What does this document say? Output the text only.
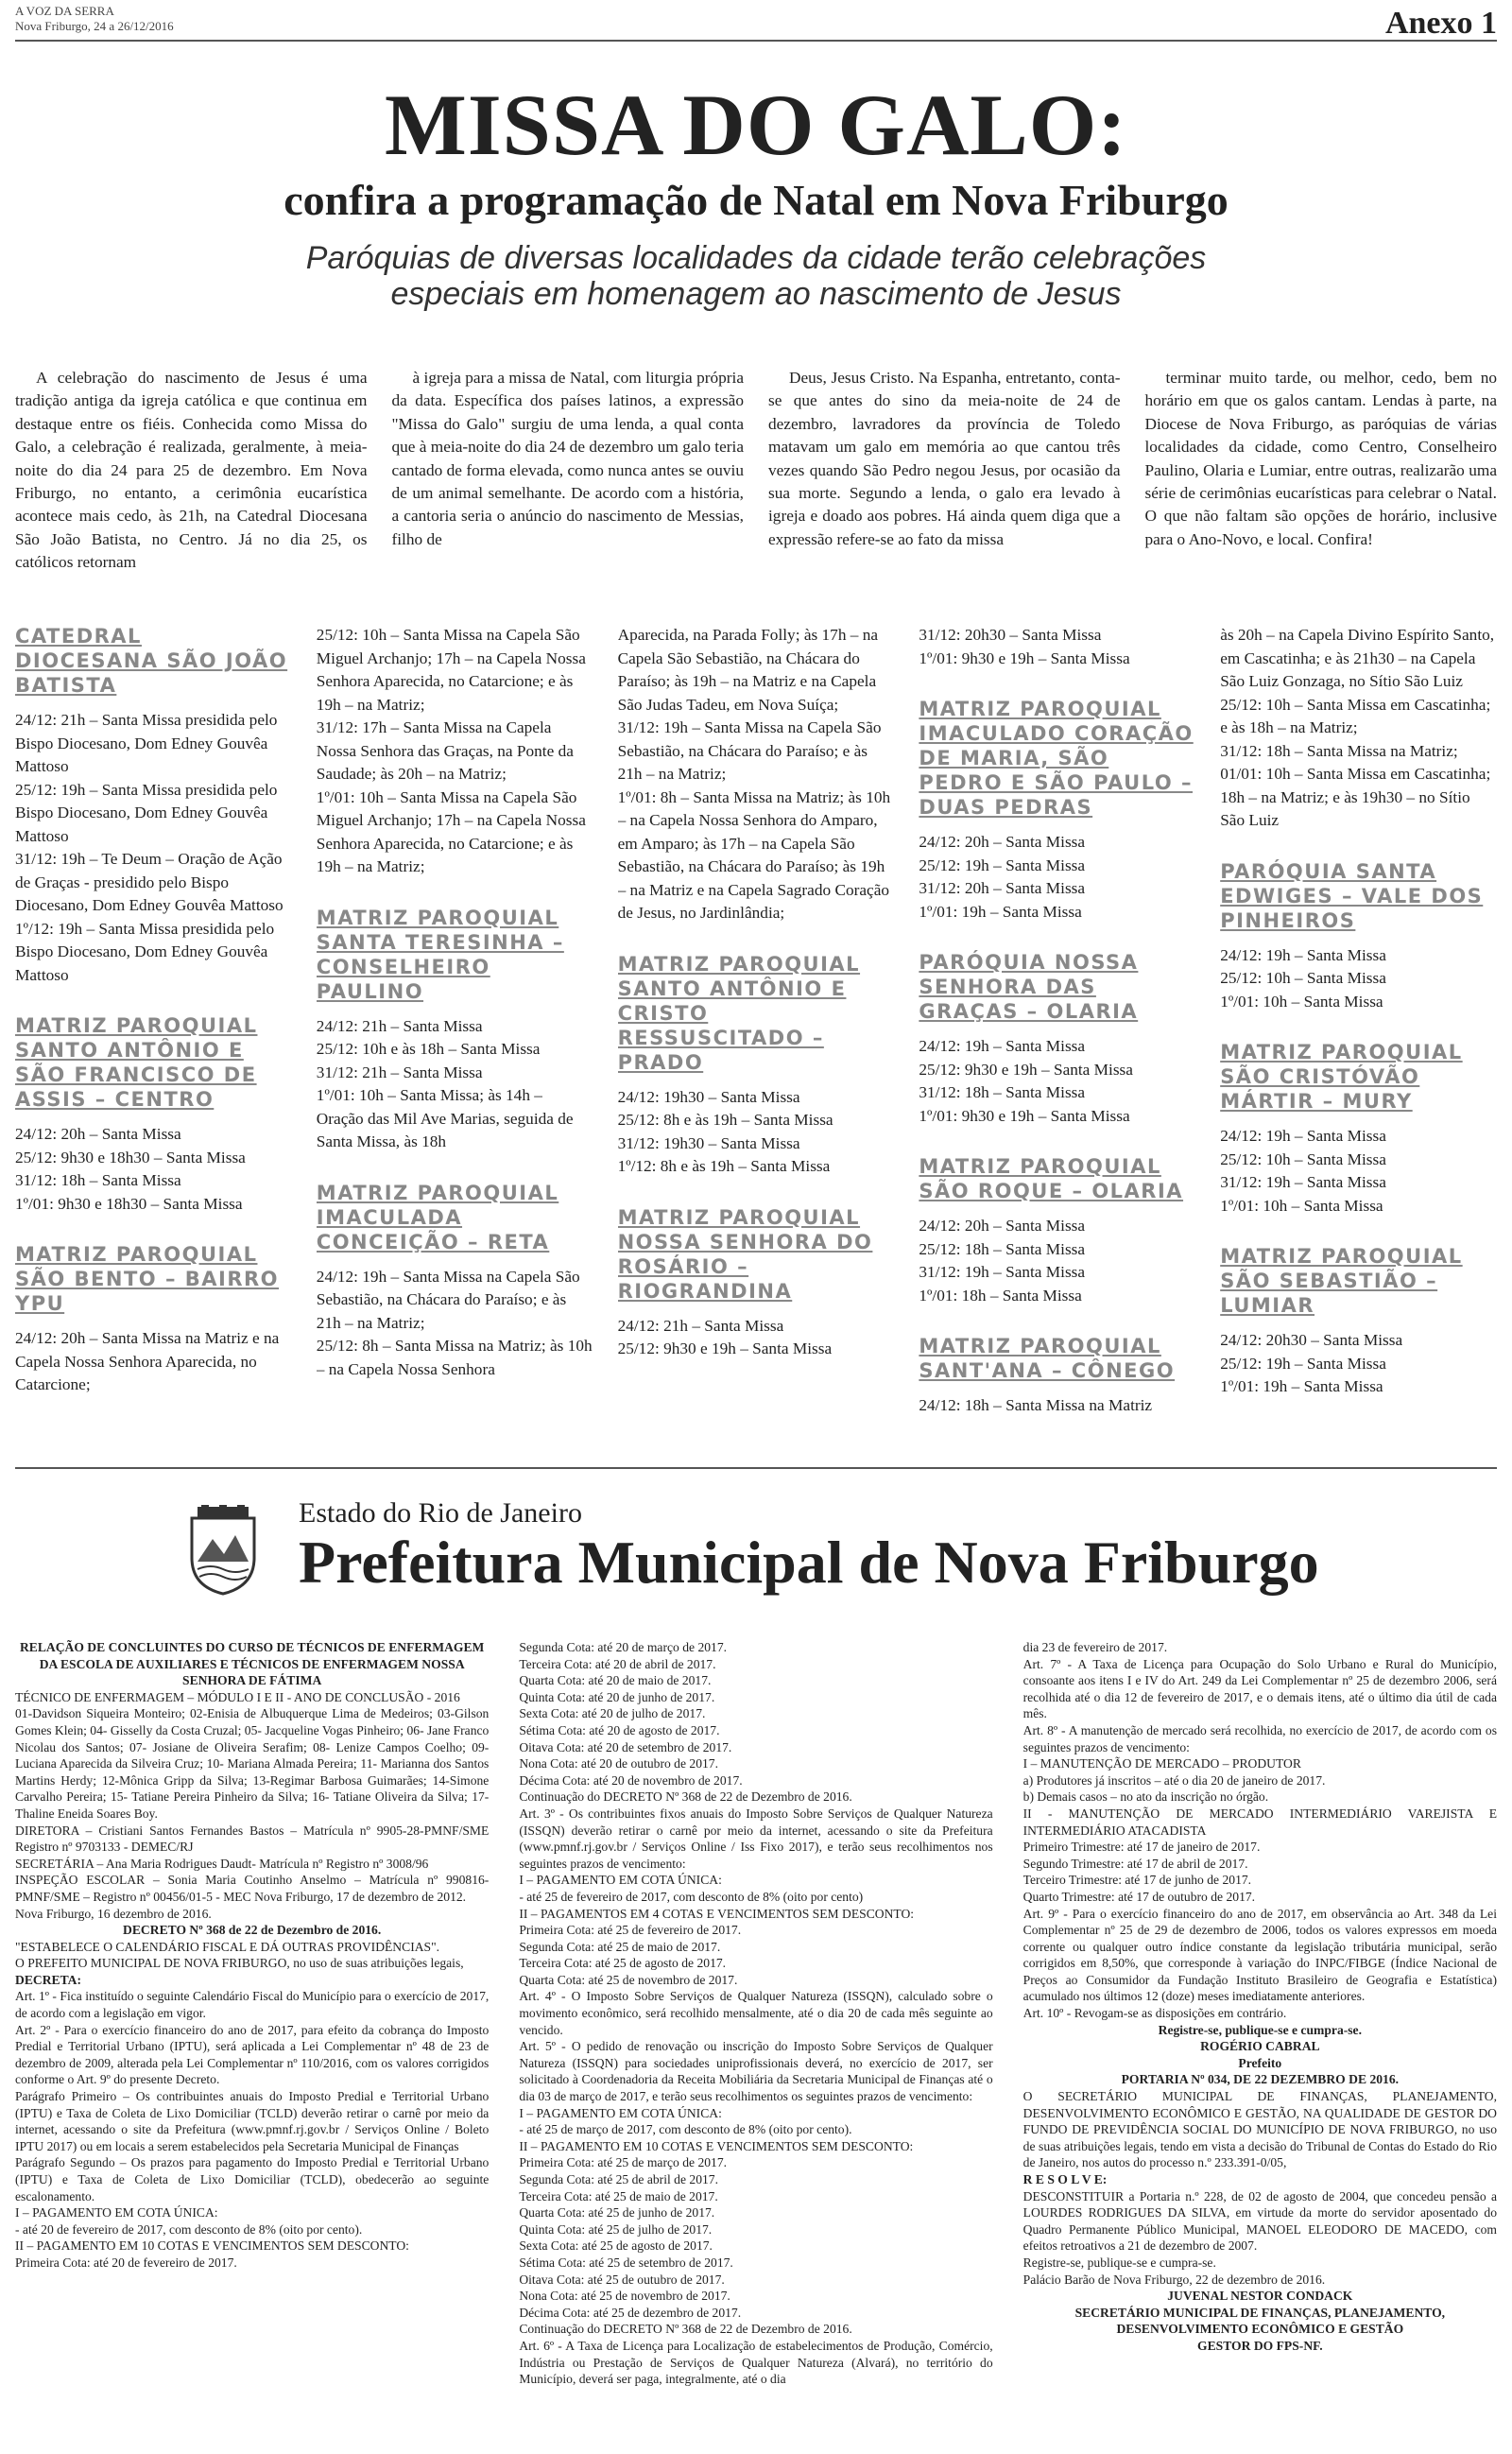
A VOZ DA SERRA
Nova Friburgo, 24 a 26/12/2016	Anexo 1
MISSA DO GALO:
confira a programação de Natal em Nova Friburgo
Paróquias de diversas localidades da cidade terão celebrações
especiais em homenagem ao nascimento de Jesus

A celebração do nascimento de Jesus é uma tradição antiga da igreja católica e que continua em destaque entre os fiéis. Conhecida como Missa do Galo, a celebração é realizada, geralmente, à meia-noite do dia 24 para 25 de dezembro. Em Nova Friburgo, no entanto, a cerimônia eucarística acontece mais cedo, às 21h, na Catedral Diocesana São João Batista, no Centro. Já no dia 25, os católicos retornam

à igreja para a missa de Natal, com liturgia própria da data. Específica dos países latinos, a expressão "Missa do Galo" surgiu de uma lenda, a qual conta que à meia-noite do dia 24 de dezembro um galo teria cantado de forma elevada, como nunca antes se ouviu de um animal semelhante. De acordo com a história, a cantoria seria o anúncio do nascimento de Messias, filho de

Deus, Jesus Cristo. Na Espanha, entretanto, conta-se que antes do sino da meia-noite de 24 de dezembro, lavradores da província de Toledo matavam um galo em memória ao que cantou três vezes quando São Pedro negou Jesus, por ocasião da sua morte. Segundo a lenda, o galo era levado à igreja e doado aos pobres. Há ainda quem diga que a expressão refere-se ao fato da missa

terminar muito tarde, ou melhor, cedo, bem no horário em que os galos cantam. Lendas à parte, na Diocese de Nova Friburgo, as paróquias de várias localidades da cidade, como Centro, Conselheiro Paulino, Olaria e Lumiar, entre outras, realizarão uma série de cerimônias eucarísticas para celebrar o Natal. O que não faltam são opções de horário, inclusive para o Ano-Novo, e local. Confira!

CATEDRAL DIOCESANA SÃO JOÃO BATISTA
24/12: 21h – Santa Missa presidida pelo Bispo Diocesano, Dom Edney Gouvêa Mattoso
25/12: 19h – Santa Missa presidida pelo Bispo Diocesano, Dom Edney Gouvêa Mattoso
31/12: 19h – Te Deum – Oração de Ação de Graças - presidido pelo Bispo Diocesano, Dom Edney Gouvêa Mattoso
1º/12: 19h – Santa Missa presidida pelo Bispo Diocesano, Dom Edney Gouvêa Mattoso
MATRIZ PAROQUIAL SANTO ANTÔNIO E SÃO FRANCISCO DE ASSIS – CENTRO
24/12: 20h – Santa Missa
25/12: 9h30 e 18h30 – Santa Missa
31/12: 18h – Santa Missa
1º/01: 9h30 e 18h30 – Santa Missa
MATRIZ PAROQUIAL SÃO BENTO – BAIRRO YPU
24/12: 20h – Santa Missa na Matriz e na Capela Nossa Senhora Aparecida, no Catarcione;
25/12: 10h – Santa Missa na Capela São Miguel Archanjo; 17h – na Capela Nossa Senhora Aparecida, no Catarcione; e às 19h – na Matriz;
31/12: 17h – Santa Missa na Capela Nossa Senhora das Graças, na Ponte da Saudade; às 20h – na Matriz;
1º/01: 10h – Santa Missa na Capela São Miguel Archanjo; 17h – na Capela Nossa Senhora Aparecida, no Catarcione; e às 19h – na Matriz;
MATRIZ PAROQUIAL SANTA TERESINHA – CONSELHEIRO PAULINO
24/12: 21h – Santa Missa
25/12: 10h e às 18h – Santa Missa
31/12: 21h – Santa Missa
1º/01: 10h – Santa Missa; às 14h – Oração das Mil Ave Marias, seguida de Santa Missa, às 18h
MATRIZ PAROQUIAL IMACULADA CONCEIÇÃO – RETA
24/12: 19h – Santa Missa na Capela São Sebastião, na Chácara do Paraíso; e às 21h – na Matriz;
25/12: 8h – Santa Missa na Matriz; às 10h – na Capela Nossa Senhora
Aparecida, na Parada Folly; às 17h – na Capela São Sebastião, na Chácara do Paraíso; às 19h – na Matriz e na Capela São Judas Tadeu, em Nova Suíça;
31/12: 19h – Santa Missa na Capela São Sebastião, na Chácara do Paraíso; e às 21h – na Matriz;
1º/01: 8h – Santa Missa na Matriz; às 10h – na Capela Nossa Senhora do Amparo, em Amparo; às 17h – na Capela São Sebastião, na Chácara do Paraíso; às 19h – na Matriz e na Capela Sagrado Coração de Jesus, no Jardinlândia;
MATRIZ PAROQUIAL SANTO ANTÔNIO E CRISTO RESSUSCITADO – PRADO
24/12: 19h30 – Santa Missa
25/12: 8h e às 19h – Santa Missa
31/12: 19h30 – Santa Missa
1º/12: 8h e às 19h – Santa Missa
MATRIZ PAROQUIAL NOSSA SENHORA DO ROSÁRIO – RIOGRANDINA
24/12: 21h – Santa Missa
25/12: 9h30 e 19h – Santa Missa
31/12: 20h30 – Santa Missa
1º/01: 9h30 e 19h – Santa Missa
MATRIZ PAROQUIAL IMACULADO CORAÇÃO DE MARIA, SÃO PEDRO E SÃO PAULO – DUAS PEDRAS
24/12: 20h – Santa Missa
25/12: 19h – Santa Missa
31/12: 20h – Santa Missa
1º/01: 19h – Santa Missa
PARÓQUIA NOSSA SENHORA DAS GRAÇAS – OLARIA
24/12: 19h – Santa Missa
25/12: 9h30 e 19h – Santa Missa
31/12: 18h – Santa Missa
1º/01: 9h30 e 19h – Santa Missa
MATRIZ PAROQUIAL SÃO ROQUE – OLARIA
24/12: 20h – Santa Missa
25/12: 18h – Santa Missa
31/12: 19h – Santa Missa
1º/01: 18h – Santa Missa
MATRIZ PAROQUIAL SANT'ANA – CÔNEGO
24/12: 18h – Santa Missa na Matriz
às 20h – na Capela Divino Espírito Santo, em Cascatinha; e às 21h30 – na Capela São Luiz Gonzaga, no Sítio São Luiz
25/12: 10h – Santa Missa em Cascatinha; e às 18h – na Matriz;
31/12: 18h – Santa Missa na Matriz;
01/01: 10h – Santa Missa em Cascatinha; 18h – na Matriz; e às 19h30 – no Sítio São Luiz
PARÓQUIA SANTA EDWIGES – VALE DOS PINHEIROS
24/12: 19h – Santa Missa
25/12: 10h – Santa Missa
1º/01: 10h – Santa Missa
MATRIZ PAROQUIAL SÃO CRISTÓVÃO MÁRTIR – MURY
24/12: 19h – Santa Missa
25/12: 10h – Santa Missa
31/12: 19h – Santa Missa
1º/01: 10h – Santa Missa
MATRIZ PAROQUIAL SÃO SEBASTIÃO – LUMIAR
24/12: 20h30 – Santa Missa
25/12: 19h – Santa Missa
1º/01: 19h – Santa Missa
Estado do Rio de Janeiro
Prefeitura Municipal de Nova Friburgo
RELAÇÃO DE CONCLUINTES DO CURSO DE TÉCNICOS DE ENFERMAGEM DA ESCOLA DE AUXILIARES E TÉCNICOS DE ENFERMAGEM NOSSA SENHORA DE FÁTIMA
TÉCNICO DE ENFERMAGEM – MÓDULO I E II - ANO DE CONCLUSÃO - 2016
01-Davidson Siqueira Monteiro; 02-Enisia de Albuquerque Lima de Medeiros; 03-Gilson Gomes Klein; 04- Gisselly da Costa Cruzal; 05- Jacqueline Vogas Pinheiro; 06- Jane Franco Nicolau dos Santos; 07- Josiane de Oliveira Serafim; 08- Lenize Campos Coelho; 09-Luciana Aparecida da Silveira Cruz; 10- Mariana Almada Pereira; 11- Marianna dos Santos Martins Herdy; 12-Mônica Gripp da Silva; 13-Regimar Barbosa Guimarães; 14-Simone Carvalho Pereira; 15- Tatiane Pereira Pinheiro da Silva; 16- Tatiane Oliveira da Silva; 17- Thaline Eneida Soares Boy.
DIRETORA – Cristiani Santos Fernandes Bastos – Matrícula nº 9905-28-PMNF/SME Registro nº 9703133 - DEMEC/RJ
SECRETÁRIA – Ana Maria Rodrigues Daudt- Matrícula nº Registro nº 3008/96
INSPEÇÃO ESCOLAR – Sonia Maria Coutinho Anselmo – Matrícula nº 990816- PMNF/SME – Registro nº 00456/01-5 - MEC Nova Friburgo, 17 de dezembro de 2012.
Nova Friburgo, 16 dezembro de 2016.
DECRETO Nº 368 de 22 de Dezembro de 2016.
"ESTABELECE O CALENDÁRIO FISCAL E DÁ OUTRAS PROVIDÊNCIAS".
O PREFEITO MUNICIPAL DE NOVA FRIBURGO, no uso de suas atribuições legais,
DECRETA:
Art. 1º - Fica instituído o seguinte Calendário Fiscal do Município para o exercício de 2017, de acordo com a legislação em vigor.
Art. 2º - Para o exercício financeiro do ano de 2017, para efeito da cobrança do Imposto Predial e Territorial Urbano (IPTU), será aplicada a Lei Complementar nº 48 de 23 de dezembro de 2009, alterada pela Lei Complementar nº 110/2016, com os valores corrigidos conforme o Art. 9º do presente Decreto.
Parágrafo Primeiro – Os contribuintes anuais do Imposto Predial e Territorial Urbano (IPTU) e Taxa de Coleta de Lixo Domiciliar (TCLD) deverão retirar o carnê por meio da internet, acessando o site da Prefeitura (www.pmnf.rj.gov.br / Serviços Online / Boleto IPTU 2017) ou em locais a serem estabelecidos pela Secretaria Municipal de Finanças
Parágrafo Segundo – Os prazos para pagamento do Imposto Predial e Territorial Urbano (IPTU) e Taxa de Coleta de Lixo Domiciliar (TCLD), obedecerão ao seguinte escalonamento.
I – PAGAMENTO EM COTA ÚNICA:
- até 20 de fevereiro de 2017, com desconto de 8% (oito por cento).
II – PAGAMENTO EM 10 COTAS E VENCIMENTOS SEM DESCONTO:
Primeira Cota: até 20 de fevereiro de 2017.
Segunda Cota: até 20 de março de 2017.
Terceira Cota: até 20 de abril de 2017.
Quarta Cota: até 20 de maio de 2017.
Quinta Cota: até 20 de junho de 2017.
Sexta Cota: até 20 de julho de 2017.
Sétima Cota: até 20 de agosto de 2017.
Oitava Cota: até 20 de setembro de 2017.
Nona Cota: até 20 de outubro de 2017.
Décima Cota: até 20 de novembro de 2017.
Continuação do DECRETO Nº 368 de 22 de Dezembro de 2016.
Art. 3º - Os contribuintes fixos anuais do Imposto Sobre Serviços de Qualquer Natureza (ISSQN) deverão retirar o carnê por meio da internet, acessando o site da Prefeitura (www.pmnf.rj.gov.br / Serviços Online / Iss Fixo 2017), e terão seus recolhimentos nos seguintes prazos de vencimento:
I – PAGAMENTO EM COTA ÚNICA:
- até 25 de fevereiro de 2017, com desconto de 8% (oito por cento)
II – PAGAMENTOS EM 4 COTAS E VENCIMENTOS SEM DESCONTO:
Primeira Cota: até 25 de fevereiro de 2017.
Segunda Cota: até 25 de maio de 2017.
Terceira Cota: até 25 de agosto de 2017.
Quarta Cota: até 25 de novembro de 2017.
Art. 4º - O Imposto Sobre Serviços de Qualquer Natureza (ISSQN), calculado sobre o movimento econômico, será recolhido mensalmente, até o dia 20 de cada mês seguinte ao vencido.
Art. 5º - O pedido de renovação ou inscrição do Imposto Sobre Serviços de Qualquer Natureza (ISSQN) para sociedades uniprofissionais deverá, no exercício de 2017, ser solicitado à Coordenadoria da Receita Mobiliária da Secretaria Municipal de Finanças até o dia 03 de março de 2017, e terão seus recolhimentos os seguintes prazos de vencimento:
I – PAGAMENTO EM COTA ÚNICA:
- até 25 de março de 2017, com desconto de 8% (oito por cento).
II – PAGAMENTO EM 10 COTAS E VENCIMENTOS SEM DESCONTO:
Primeira Cota: até 25 de março de 2017.
Segunda Cota: até 25 de abril de 2017.
Terceira Cota: até 25 de maio de 2017.
Quarta Cota: até 25 de junho de 2017.
Quinta Cota: até 25 de julho de 2017.
Sexta Cota: até 25 de agosto de 2017.
Sétima Cota: até 25 de setembro de 2017.
Oitava Cota: até 25 de outubro de 2017.
Nona Cota: até 25 de novembro de 2017.
Décima Cota: até 25 de dezembro de 2017.
Continuação do DECRETO Nº 368 de 22 de Dezembro de 2016.
Art. 6º - A Taxa de Licença para Localização de estabelecimentos de Produção, Comércio, Indústria ou Prestação de Serviços de Qualquer Natureza (Alvará), no território do Município, deverá ser paga, integralmente, até o dia
dia 23 de fevereiro de 2017.
Art. 7º - A Taxa de Licença para Ocupação do Solo Urbano e Rural do Município, consoante aos itens I e IV do Art. 249 da Lei Complementar nº 25 de dezembro 2006, será recolhida até o dia 12 de fevereiro de 2017, e o demais itens, até o último dia útil de cada mês.
Art. 8º - A manutenção de mercado será recolhida, no exercício de 2017, de acordo com os seguintes prazos de vencimento:
I – MANUTENÇÃO DE MERCADO – PRODUTOR
a) Produtores já inscritos – até o dia 20 de janeiro de 2017.
b) Demais casos – no ato da inscrição no órgão.
II - MANUTENÇÃO DE MERCADO INTERMEDIÁRIO VAREJISTA E INTERMEDIÁRIO ATACADISTA
Primeiro Trimestre: até 17 de janeiro de 2017.
Segundo Trimestre: até 17 de abril de 2017.
Terceiro Trimestre: até 17 de junho de 2017.
Quarto Trimestre: até 17 de outubro de 2017.
Art. 9º - Para o exercício financeiro do ano de 2017, em observância ao Art. 348 da Lei Complementar nº 25 de 29 de dezembro de 2006, todos os valores expressos em moeda corrente ou qualquer outro índice constante da legislação tributária municipal, serão corrigidos em 8,50%, que corresponde à variação do INPC/FIBGE (Índice Nacional de Preços ao Consumidor da Fundação Instituto Brasileiro de Geografia e Estatística) acumulado nos últimos 12 (doze) meses imediatamente anteriores.
Art. 10º - Revogam-se as disposições em contrário.
Registre-se, publique-se e cumpra-se.
ROGÉRIO CABRAL
Prefeito
PORTARIA Nº 034, DE 22 DEZEMBRO DE 2016.
O SECRETÁRIO MUNICIPAL DE FINANÇAS, PLANEJAMENTO, DESENVOLVIMENTO ECONÔMICO E GESTÃO, NA QUALIDADE DE GESTOR DO FUNDO DE PREVIDÊNCIA SOCIAL DO MUNICÍPIO DE NOVA FRIBURGO, no uso de suas atribuições legais, tendo em vista a decisão do Tribunal de Contas do Estado do Rio de Janeiro, nos autos do processo n.º 233.391-0/05,
R E S O L V E:
DESCONSTITUIR a Portaria n.º 228, de 02 de agosto de 2004, que concedeu pensão a LOURDES RODRIGUES DA SILVA, em virtude da morte do servidor aposentado do Quadro Permanente Público Municipal, MANOEL ELEODORO DE MACEDO, com efeitos retroativos a 21 de dezembro de 2007.
Registre-se, publique-se e cumpra-se.
Palácio Barão de Nova Friburgo, 22 de dezembro de 2016.
JUVENAL NESTOR CONDACK
SECRETÁRIO MUNICIPAL DE FINANÇAS, PLANEJAMENTO, DESENVOLVIMENTO ECONÔMICO E GESTÃO
GESTOR DO FPS-NF.
